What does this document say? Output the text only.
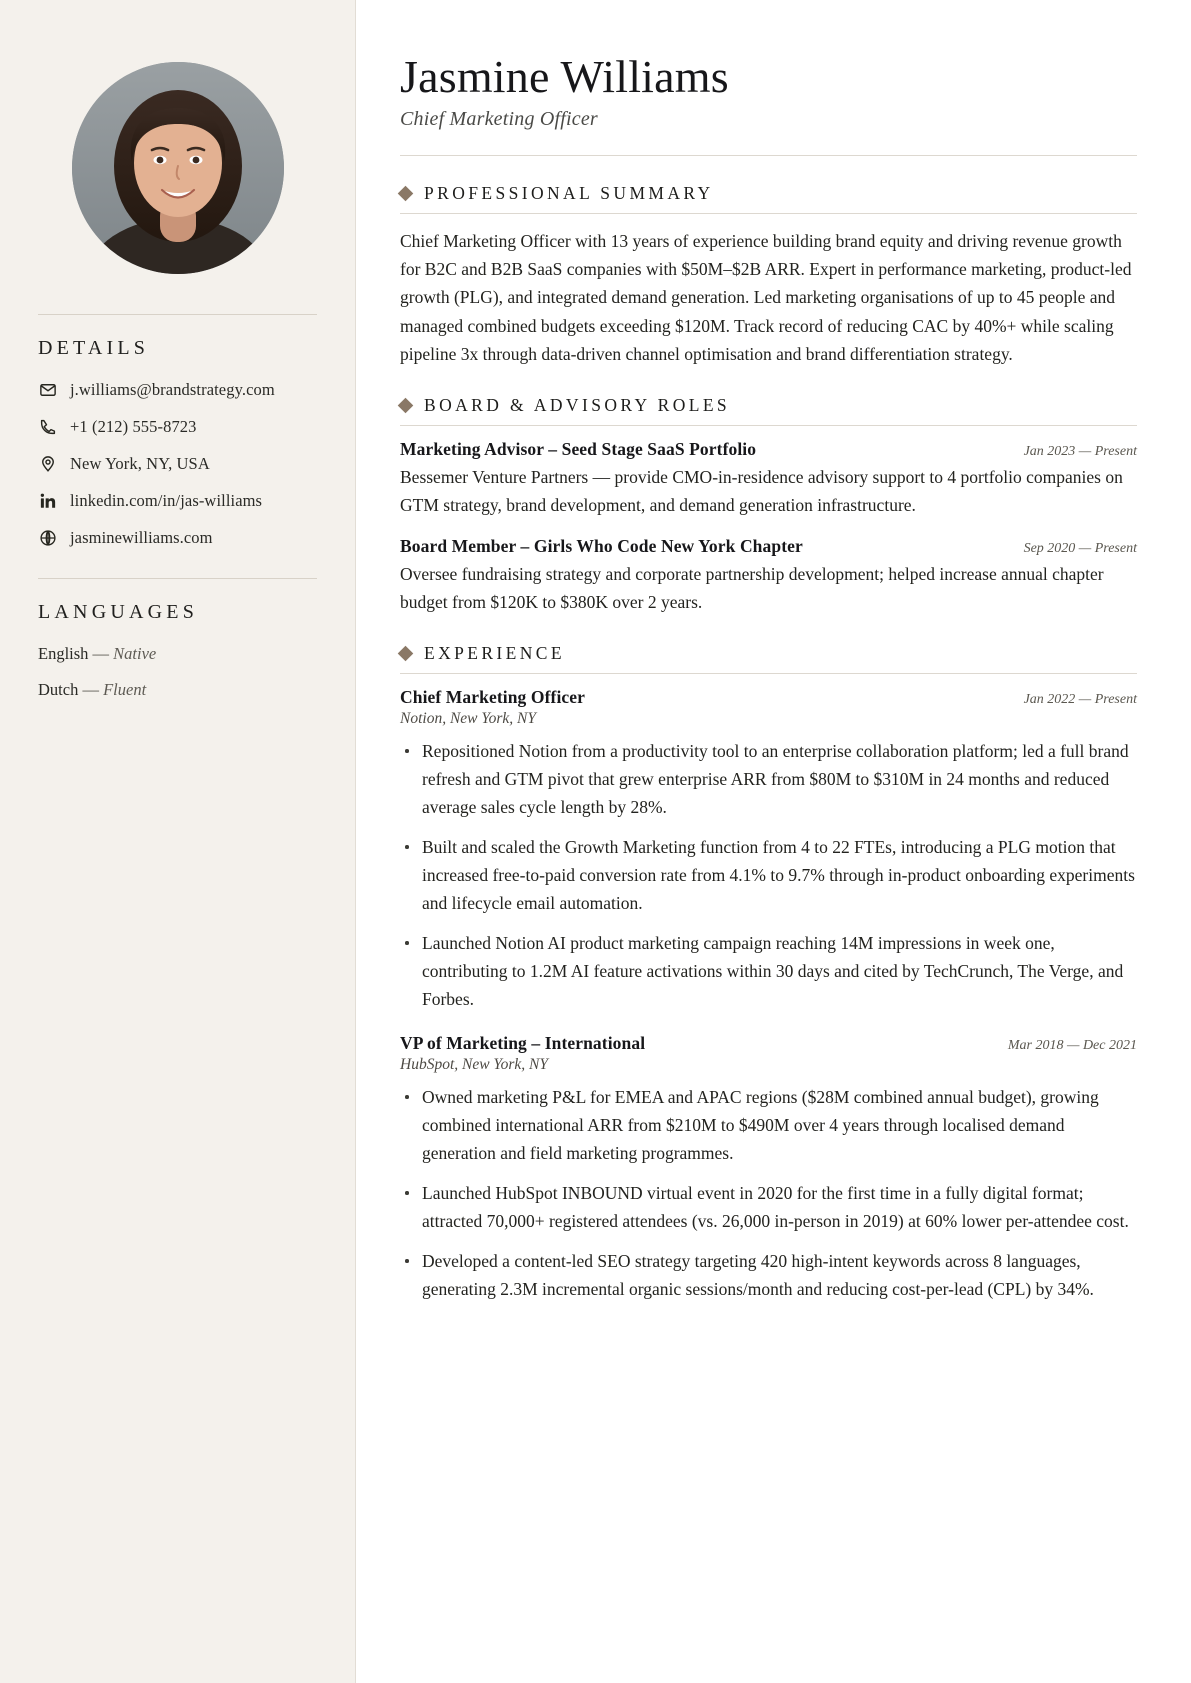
DETAILS
j.williams@brandstrategy.com
+1 (212) 555-8723
New York, NY, USA
linkedin.com/in/jas-williams
jasminewilliams.com
LANGUAGES
English — Native
Dutch — Fluent
Jasmine Williams
Chief Marketing Officer
PROFESSIONAL SUMMARY

Chief Marketing Officer with 13 years of experience building brand equity and driving revenue growth for B2C and B2B SaaS companies with $50M–$2B ARR. Expert in performance marketing, product-led growth (PLG), and integrated demand generation. Led marketing organisations of up to 45 people and managed combined budgets exceeding $120M. Track record of reducing CAC by 40%+ while scaling pipeline 3x through data-driven channel optimisation and brand differentiation strategy.

BOARD & ADVISORY ROLES
Marketing Advisor – Seed Stage SaaS Portfolio	Jan 2023 — Present

Bessemer Venture Partners — provide CMO-in-residence advisory support to 4 portfolio companies on GTM strategy, brand development, and demand generation infrastructure.

Board Member – Girls Who Code New York Chapter	Sep 2020 — Present

Oversee fundraising strategy and corporate partnership development; helped increase annual chapter budget from $120K to $380K over 2 years.

EXPERIENCE
Chief Marketing Officer	Jan 2022 — Present
Notion, New York, NY
Repositioned Notion from a productivity tool to an enterprise collaboration platform; led a full brand refresh and GTM pivot that grew enterprise ARR from $80M to $310M in 24 months and reduced average sales cycle length by 28%.
Built and scaled the Growth Marketing function from 4 to 22 FTEs, introducing a PLG motion that increased free-to-paid conversion rate from 4.1% to 9.7% through in-product onboarding experiments and lifecycle email automation.
Launched Notion AI product marketing campaign reaching 14M impressions in week one, contributing to 1.2M AI feature activations within 30 days and cited by TechCrunch, The Verge, and Forbes.
VP of Marketing – International	Mar 2018 — Dec 2021
HubSpot, New York, NY
Owned marketing P&L for EMEA and APAC regions ($28M combined annual budget), growing combined international ARR from $210M to $490M over 4 years through localised demand generation and field marketing programmes.
Launched HubSpot INBOUND virtual event in 2020 for the first time in a fully digital format; attracted 70,000+ registered attendees (vs. 26,000 in-person in 2019) at 60% lower per-attendee cost.
Developed a content-led SEO strategy targeting 420 high-intent keywords across 8 languages, generating 2.3M incremental organic sessions/month and reducing cost-per-lead (CPL) by 34%.
